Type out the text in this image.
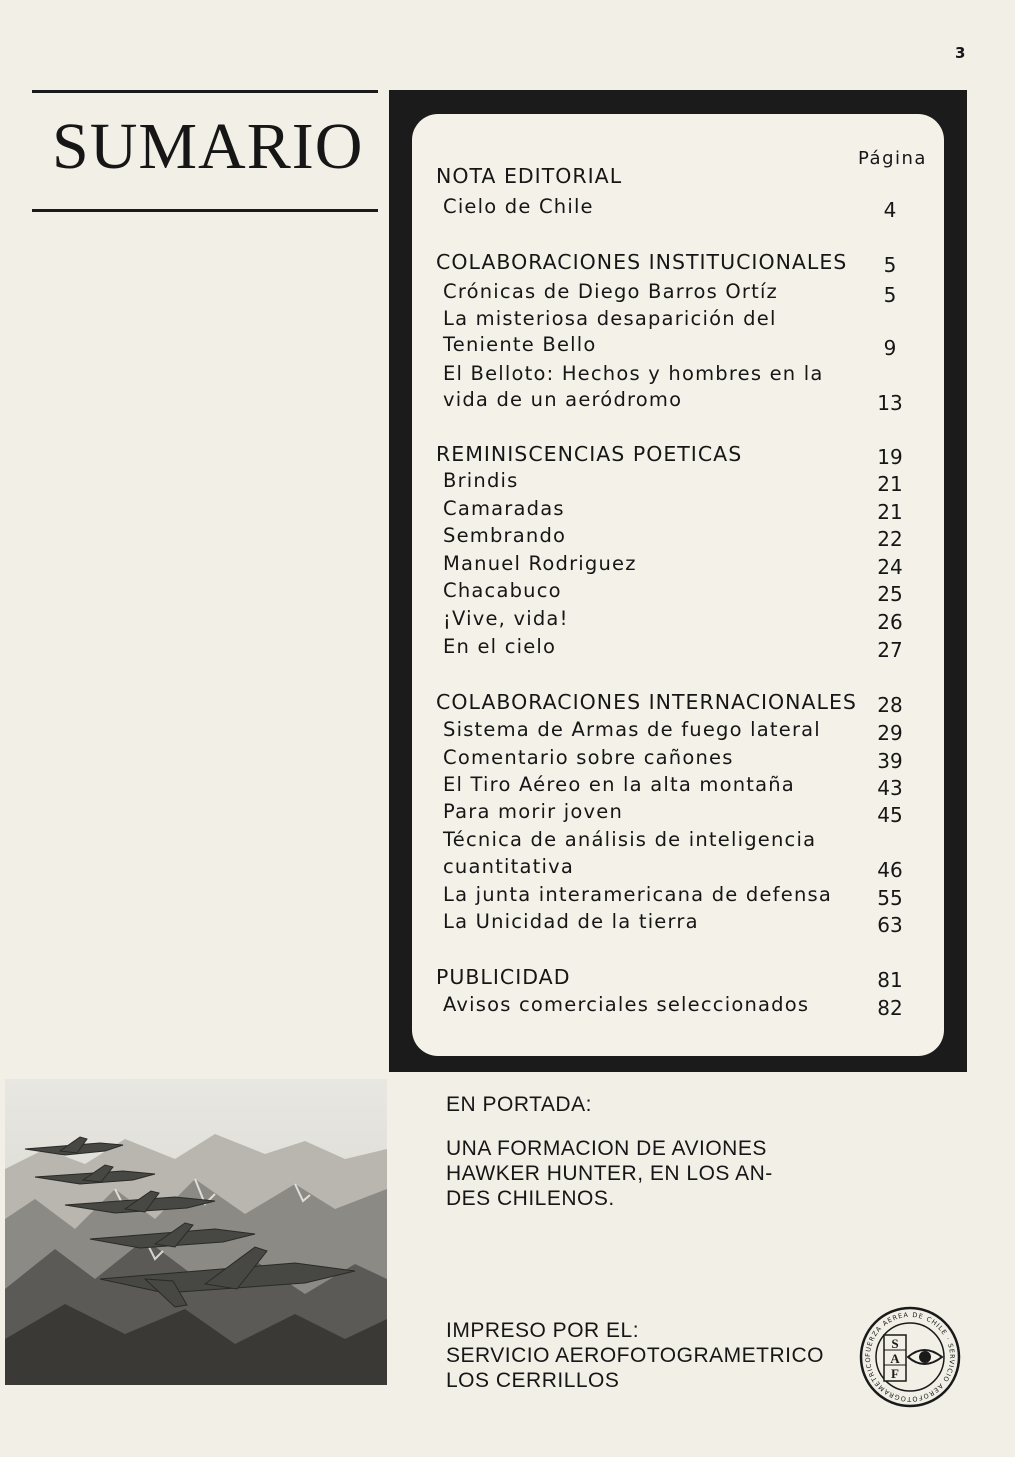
3
SUMARIO	Página
NOTA EDITORIAL
Cielo de Chile	4
COLABORACIONES INSTITUCIONALES	5
Crónicas de Diego Barros Ortíz	5
La misteriosa desaparición del
Teniente Bello	9
El Belloto: Hechos y hombres en la
vida de un aeródromo	13
REMINISCENCIAS POETICAS	19
Brindis	21
Camaradas	21
Sembrando	22
Manuel Rodriguez	24
Chacabuco	25
¡Vive, vida!	26
En el cielo	27
COLABORACIONES INTERNACIONALES	28
Sistema de Armas de fuego lateral	29
Comentario sobre cañones	39
El Tiro Aéreo en la alta montaña	43
Para morir joven	45
Técnica de análisis de inteligencia
cuantitativa	46
La junta interamericana de defensa	55
La Unicidad de la tierra	63
PUBLICIDAD	81
Avisos comerciales seleccionados	82
EN PORTADA:
UNA FORMACION DE AVIONES
HAWKER HUNTER, EN LOS AN-
DES CHILENOS.
IMPRESO POR EL:
SERVICIO AEROFOTOGRAMETRICO
LOS CERRILLOS
FUERZA AEREA DE CHILE · SERVICIO AEROFOTOGRAMETRICO
S
A
F
